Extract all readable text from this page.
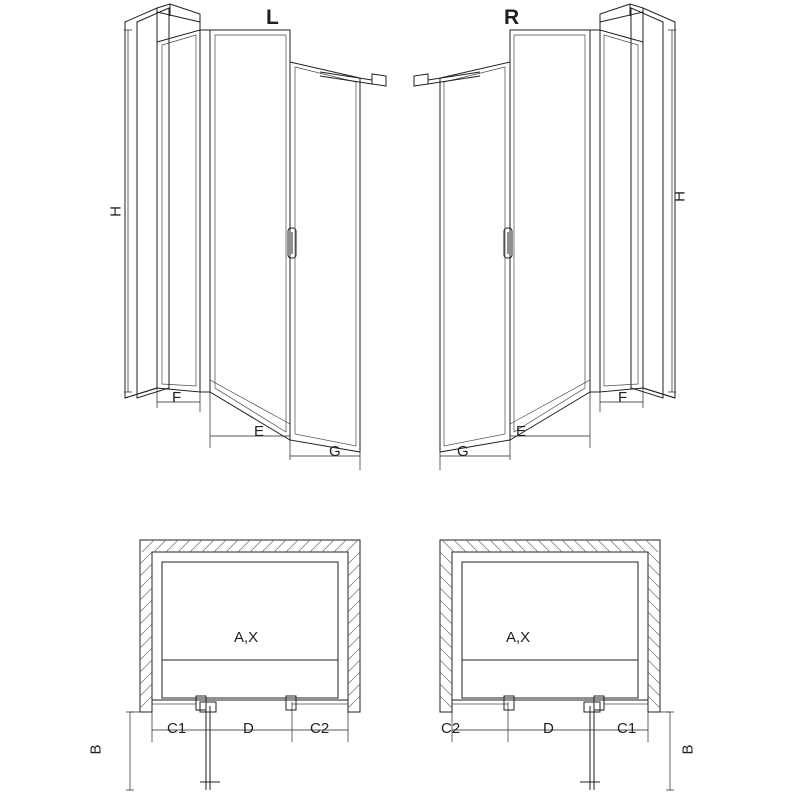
L	R
H
F
E
G
H
G
E
F
A,X
B
C1	D	C2
A,X
B
C2	D	C1
